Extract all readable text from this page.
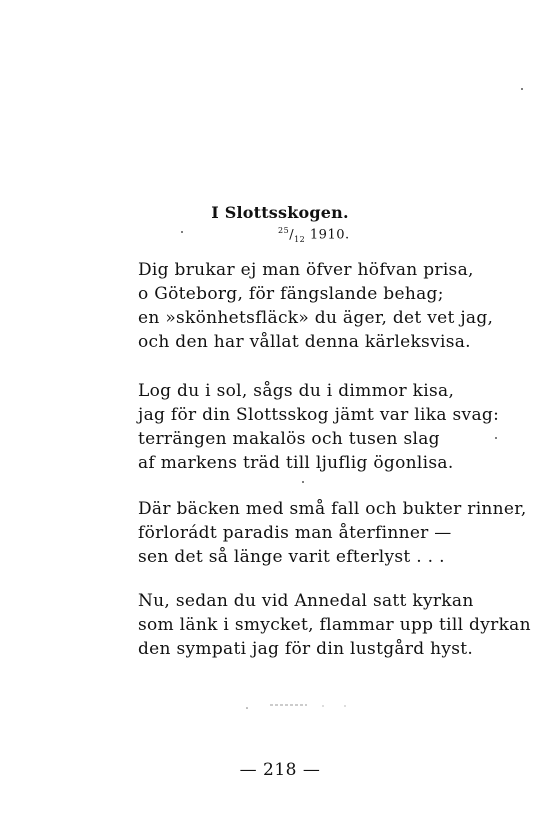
I Slottsskogen.
$^{25}/_{12}$ 1910.
Dig brukar ej man öfver höfvan prisa,
o Göteborg, för fängslande behag;
en »skönhetsfläck» du äger, det vet jag,
och den har vållat denna kärleksvisa.
Log du i sol, sågs du i dimmor kisa,
jag för din Slottsskog jämt var lika svag:
terrängen makalös och tusen slag
af markens träd till ljuflig ögonlisa.
Där bäcken med små fall och bukter rinner,
förlorádt paradis man återfinner —
sen det så länge varit efterlyst . . .
Nu, sedan du vid Annedal satt kyrkan
som länk i smycket, flammar upp till dyrkan
den sympati jag för din lustgård hyst.
— 218 —
